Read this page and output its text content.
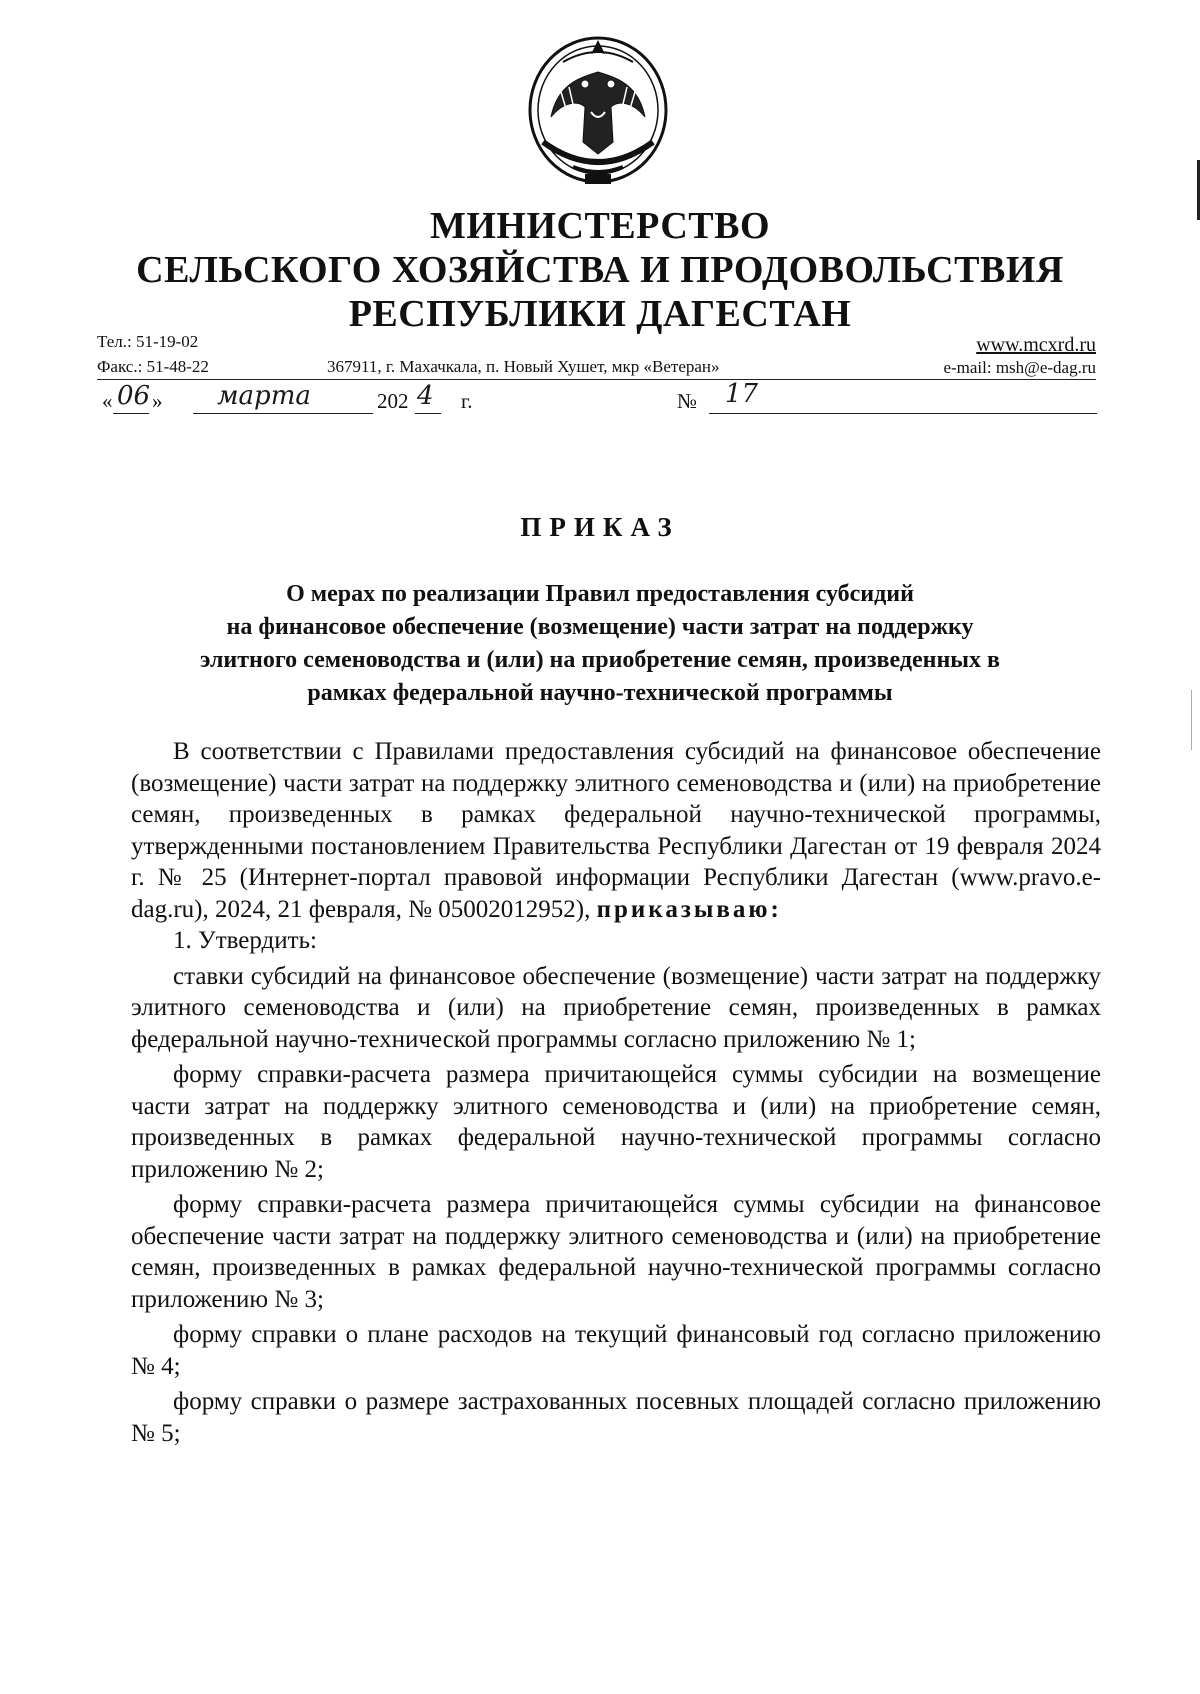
МИНИСТЕРСТВО
СЕЛЬСКОГО ХОЗЯЙСТВА И ПРОДОВОЛЬСТВИЯ
РЕСПУБЛИКИ ДАГЕСТАН
Тел.: 51-19-02
Факс.: 51-48-22	367911, г. Махачкала, п. Новый Хушет, мкр «Ветеран»
www.mcxrd.ru
e-mail: msh@e-dag.ru
« 06 » марта	202 4 г.	№ 17
ПРИКАЗ
О мерах по реализации Правил предоставления субсидий
на финансовое обеспечение (возмещение) части затрат на поддержку
элитного семеноводства и (или) на приобретение семян, произведенных в
рамках федеральной научно-технической программы

В соответствии с Правилами предоставления субсидий на финансовое обеспечение (возмещение) части затрат на поддержку элитного семеноводства и (или) на приобретение семян, произведенных в рамках федеральной научно-технической программы, утвержденными постановлением Правительства Республики Дагестан от 19 февраля 2024 г. № 25 (Интернет-портал правовой информации Республики Дагестан (www.pravo.e-dag.ru), 2024, 21 февраля, № 05002012952), приказываю:

1. Утвердить:

ставки субсидий на финансовое обеспечение (возмещение) части затрат на поддержку элитного семеноводства и (или) на приобретение семян, произведенных в рамках федеральной научно-технической программы согласно приложению № 1;

форму справки-расчета размера причитающейся суммы субсидии на возмещение части затрат на поддержку элитного семеноводства и (или) на приобретение семян, произведенных в рамках федеральной научно-технической программы согласно приложению № 2;

форму справки-расчета размера причитающейся суммы субсидии на финансовое обеспечение части затрат на поддержку элитного семеноводства и (или) на приобретение семян, произведенных в рамках федеральной научно-технической программы согласно приложению № 3;

форму справки о плане расходов на текущий финансовый год согласно приложению № 4;

форму справки о размере застрахованных посевных площадей согласно приложению № 5;
